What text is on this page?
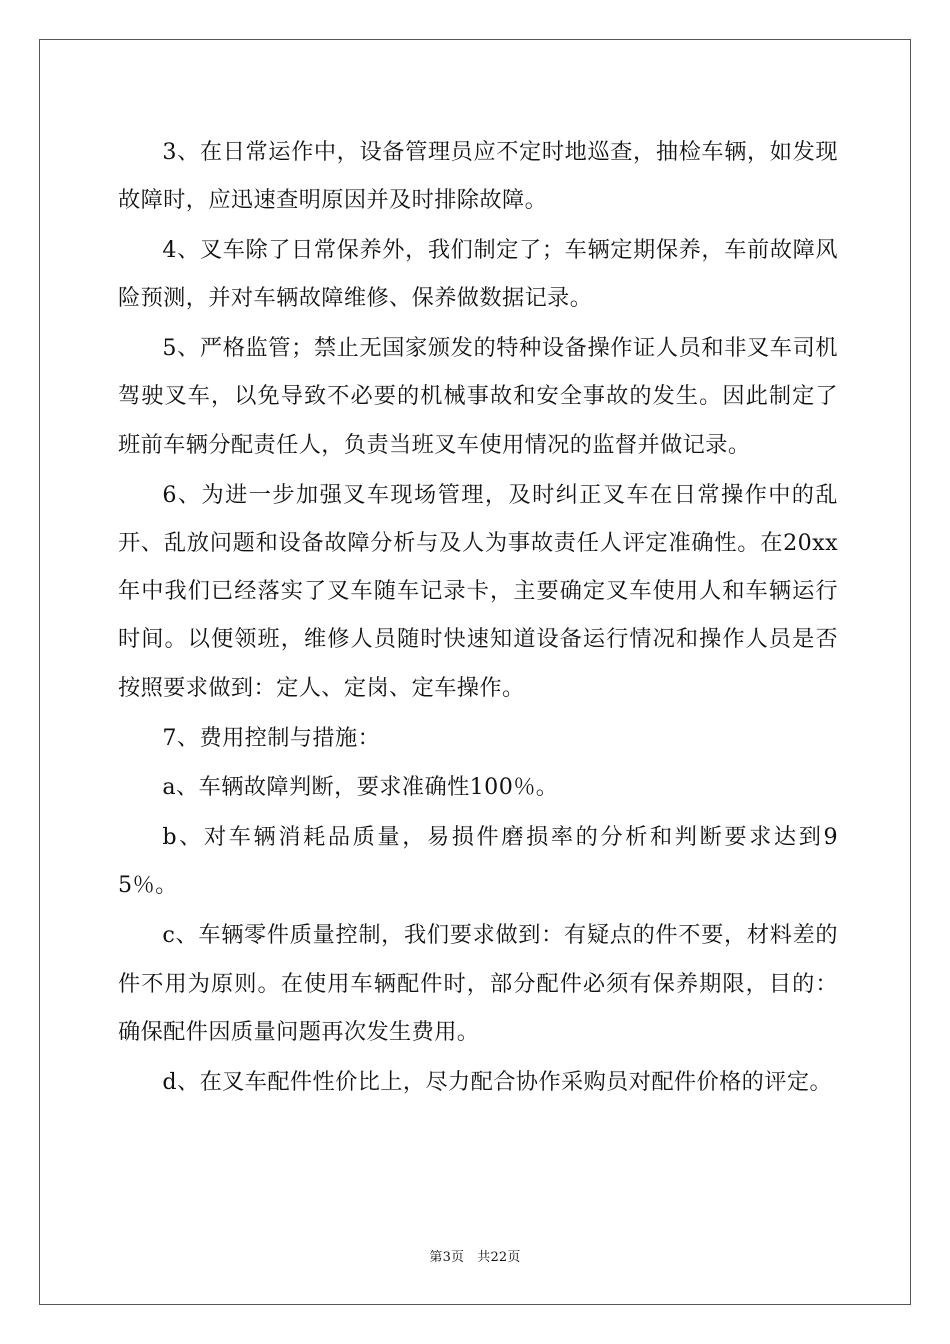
3、在日常运作中，设备管理员应不定时地巡查，抽检车辆，如发现故障时，应迅速查明原因并及时排除故障。

4、叉车除了日常保养外，我们制定了；车辆定期保养，车前故障风险预测，并对车辆故障维修、保养做数据记录。

5、严格监管；禁止无国家颁发的特种设备操作证人员和非叉车司机驾驶叉车，以免导致不必要的机械事故和安全事故的发生。因此制定了班前车辆分配责任人，负责当班叉车使用情况的监督并做记录。

6、为进一步加强叉车现场管理，及时纠正叉车在日常操作中的乱开、乱放问题和设备故障分析与及人为事故责任人评定准确性。在20xx年中我们已经落实了叉车随车记录卡，主要确定叉车使用人和车辆运行时间。以便领班，维修人员随时快速知道设备运行情况和操作人员是否按照要求做到：定人、定岗、定车操作。

7、费用控制与措施：

a、车辆故障判断，要求准确性100％。

b、对车辆消耗品质量，易损件磨损率的分析和判断要求达到95％。

c、车辆零件质量控制，我们要求做到：有疑点的件不要，材料差的件不用为原则。在使用车辆配件时，部分配件必须有保养期限，目的：确保配件因质量问题再次发生费用。

d、在叉车配件性价比上，尽力配合协作采购员对配件价格的评定。

第3页 共22页
